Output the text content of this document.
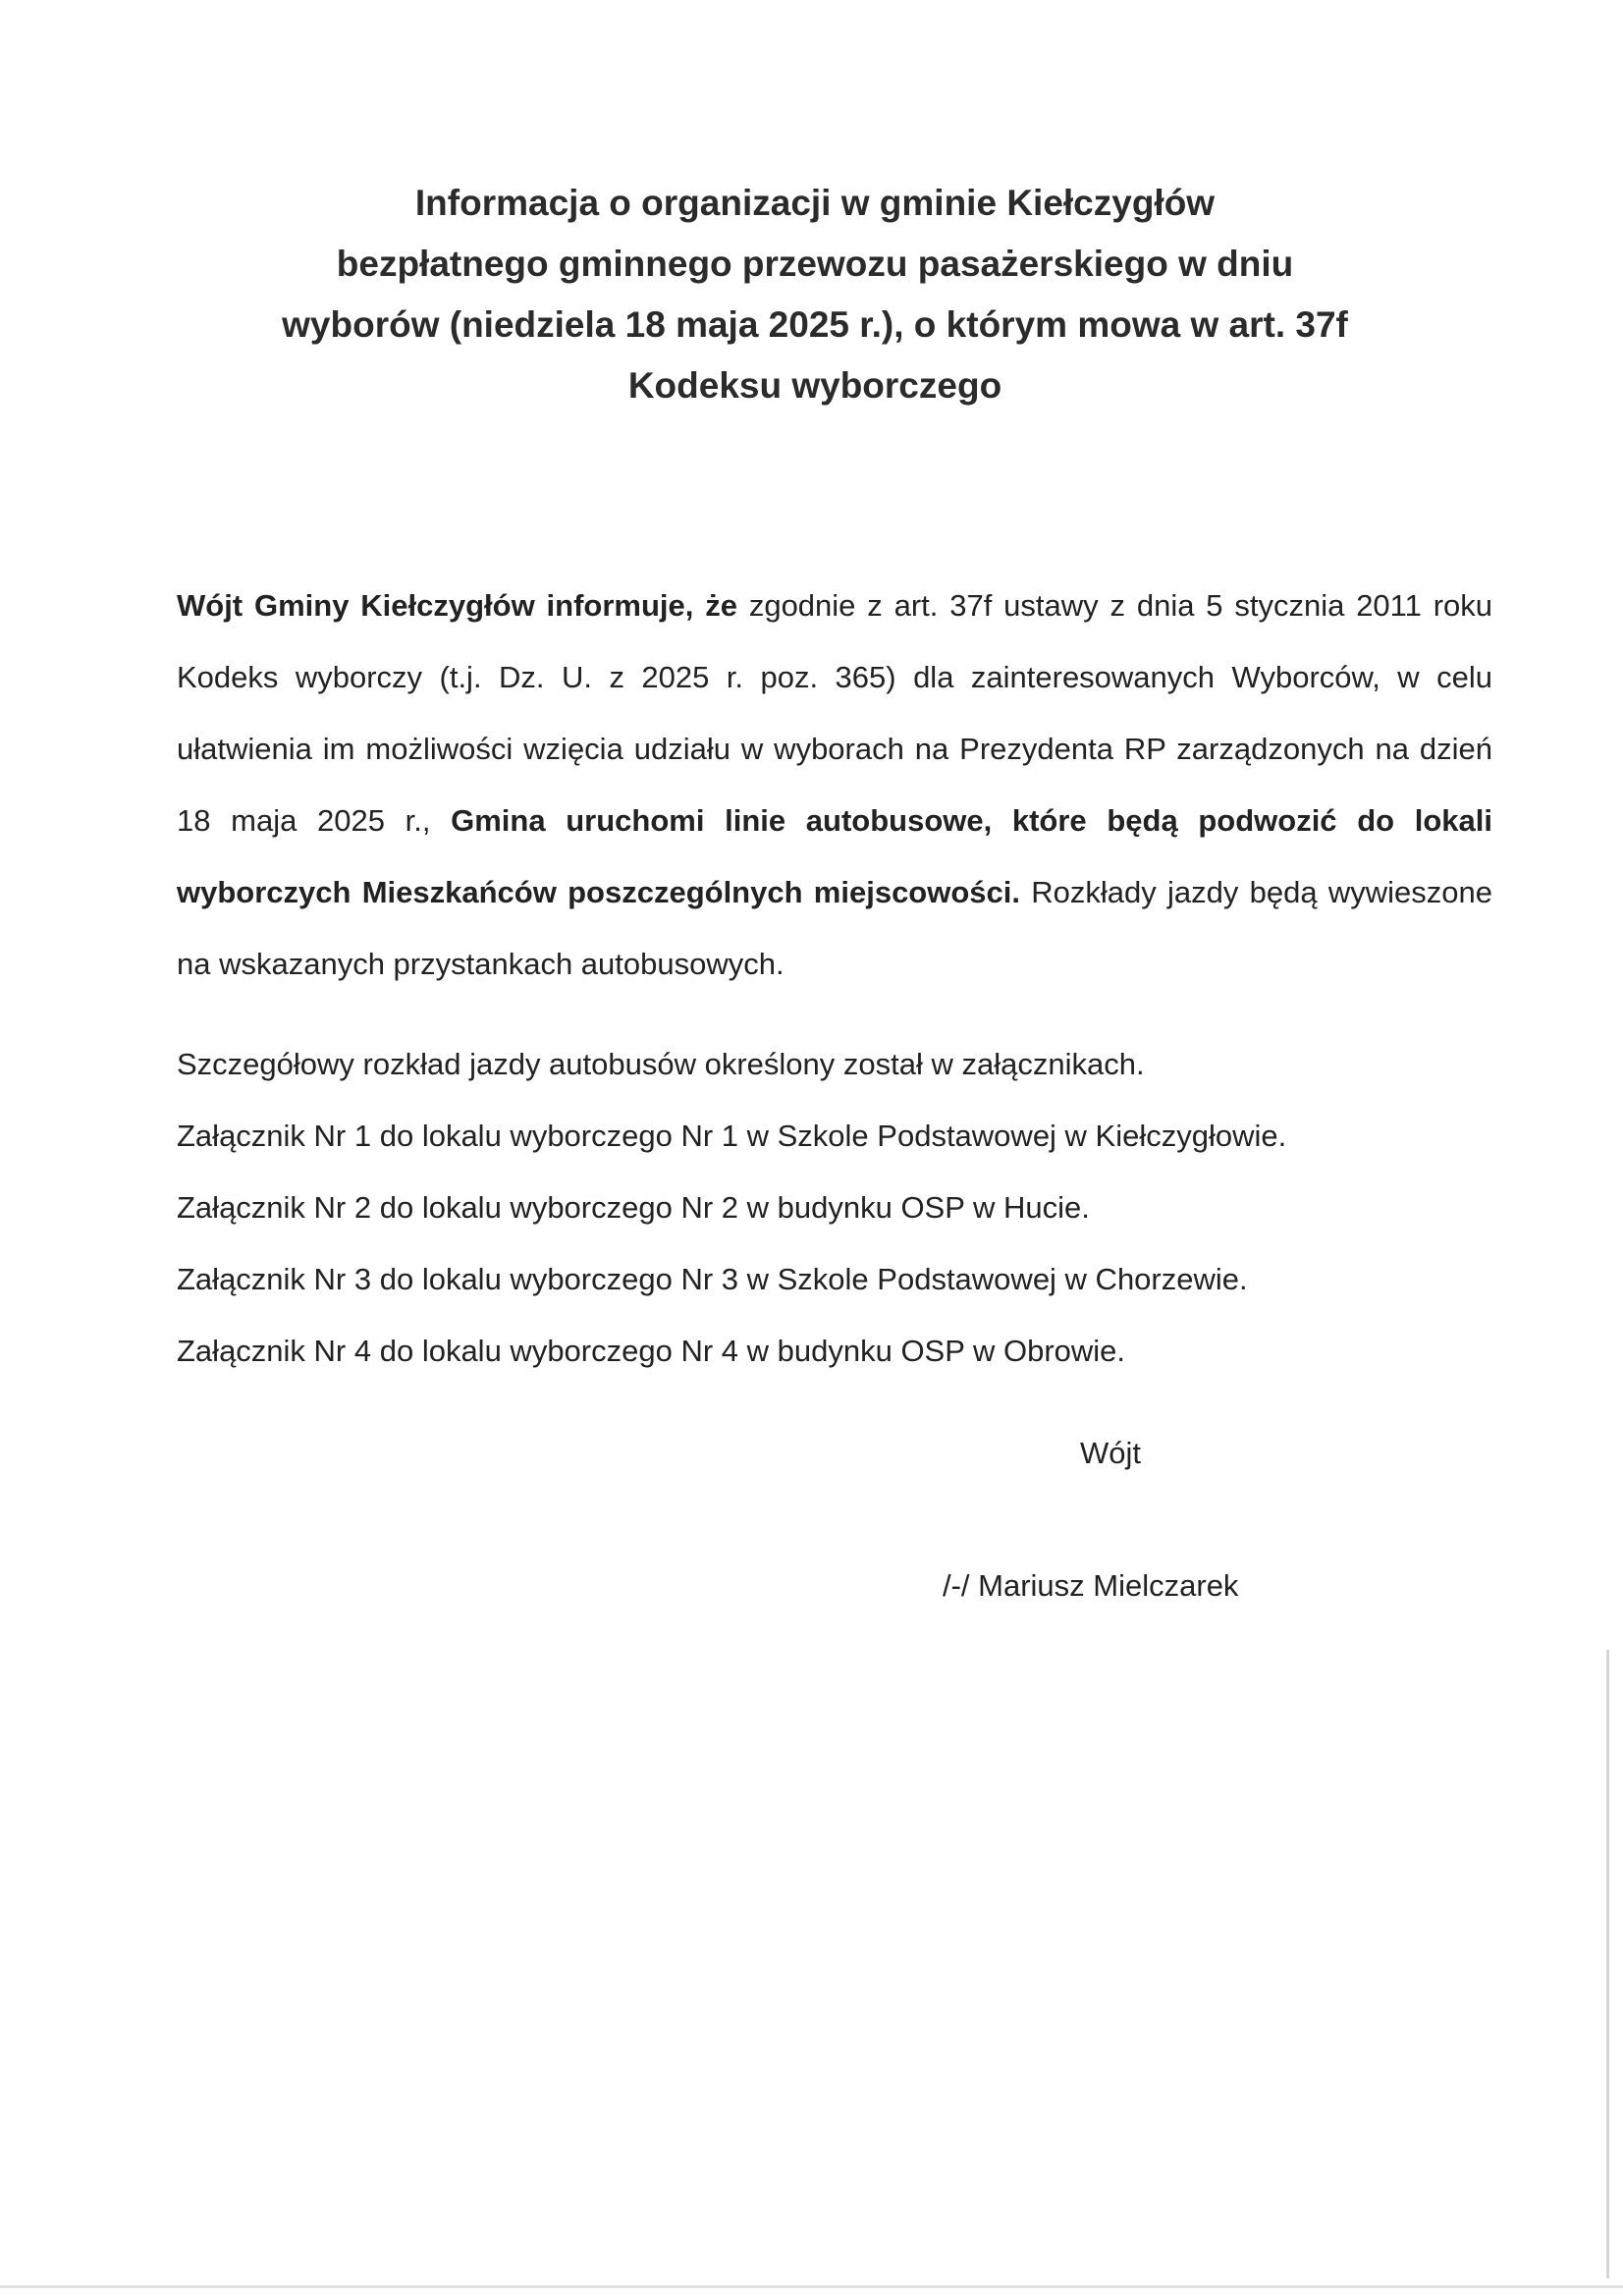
Informacja o organizacji w gminie Kiełczygłów
bezpłatnego gminnego przewozu pasażerskiego w dniu
wyborów (niedziela 18 maja 2025 r.), o którym mowa w art. 37f
Kodeksu wyborczego
Wójt Gminy Kiełczygłów informuje, że zgodnie z art. 37f ustawy z dnia 5 stycznia 2011 roku Kodeks wyborczy (t.j. Dz. U. z 2025 r. poz. 365) dla zainteresowanych Wyborców, w celu ułatwienia im możliwości wzięcia udziału w wyborach na Prezydenta RP zarządzonych na dzień 18 maja 2025 r., Gmina uruchomi linie autobusowe, które będą podwozić do lokali wyborczych Mieszkańców poszczególnych miejscowości. Rozkłady jazdy będą wywieszone na wskazanych przystankach autobusowych.
Szczegółowy rozkład jazdy autobusów określony został w załącznikach.
Załącznik Nr 1 do lokalu wyborczego Nr 1 w Szkole Podstawowej w Kiełczygłowie.
Załącznik Nr 2 do lokalu wyborczego Nr 2 w budynku OSP w Hucie.
Załącznik Nr 3 do lokalu wyborczego Nr 3 w Szkole Podstawowej w Chorzewie.
Załącznik Nr 4 do lokalu wyborczego Nr 4 w budynku OSP w Obrowie.
Wójt
/-/ Mariusz Mielczarek
